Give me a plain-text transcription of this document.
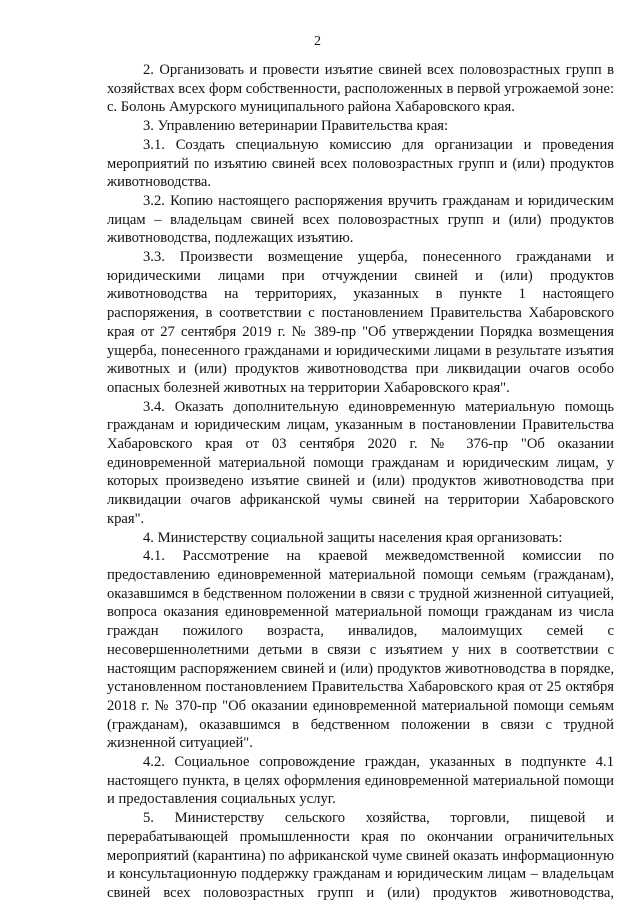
2

2. Организовать и провести изъятие свиней всех половозрастных групп в хозяйствах всех форм собственности, расположенных в первой угрожаемой зоне: с. Болонь Амурского муниципального района Хабаровского края.

3. Управлению ветеринарии Правительства края:

3.1. Создать специальную комиссию для организации и проведения мероприятий по изъятию свиней всех половозрастных групп и (или) продуктов животноводства.

3.2. Копию настоящего распоряжения вручить гражданам и юридическим лицам – владельцам свиней всех половозрастных групп и (или) продуктов животноводства, подлежащих изъятию.

3.3. Произвести возмещение ущерба, понесенного гражданами и юридическими лицами при отчуждении свиней и (или) продуктов животноводства на территориях, указанных в пункте 1 настоящего распоряжения, в соответствии с постановлением Правительства Хабаровского края от 27 сентября 2019 г. № 389-пр "Об утверждении Порядка возмещения ущерба, понесенного гражданами и юридическими лицами в результате изъятия животных и (или) продуктов животноводства при ликвидации очагов особо опасных болезней животных на территории Хабаровского края".

3.4. Оказать дополнительную единовременную материальную помощь гражданам и юридическим лицам, указанным в постановлении Правительства Хабаровского края от 03 сентября 2020 г. № 376-пр "Об оказании единовременной материальной помощи гражданам и юридическим лицам, у которых произведено изъятие свиней и (или) продуктов животноводства при ликвидации очагов африканской чумы свиней на территории Хабаровского края".

4. Министерству социальной защиты населения края организовать:

4.1. Рассмотрение на краевой межведомственной комиссии по предоставлению единовременной материальной помощи семьям (гражданам), оказавшимся в бедственном положении в связи с трудной жизненной ситуацией, вопроса оказания единовременной материальной помощи гражданам из числа граждан пожилого возраста, инвалидов, малоимущих семей с несовершеннолетними детьми в связи с изъятием у них в соответствии с настоящим распоряжением свиней и (или) продуктов животноводства в порядке, установленном постановлением Правительства Хабаровского края от 25 октября 2018 г. № 370-пр "Об оказании единовременной материальной помощи семьям (гражданам), оказавшимся в бедственном положении в связи с трудной жизненной ситуацией".

4.2. Социальное сопровождение граждан, указанных в подпункте 4.1 настоящего пункта, в целях оформления единовременной материальной помощи и предоставления социальных услуг.

5. Министерству сельского хозяйства, торговли, пищевой и перерабатывающей промышленности края по окончании ограничительных мероприятий (карантина) по африканской чуме свиней оказать информационную и консультационную поддержку гражданам и юридическим лицам – владельцам свиней всех половозрастных групп и (или) продуктов животноводства,
